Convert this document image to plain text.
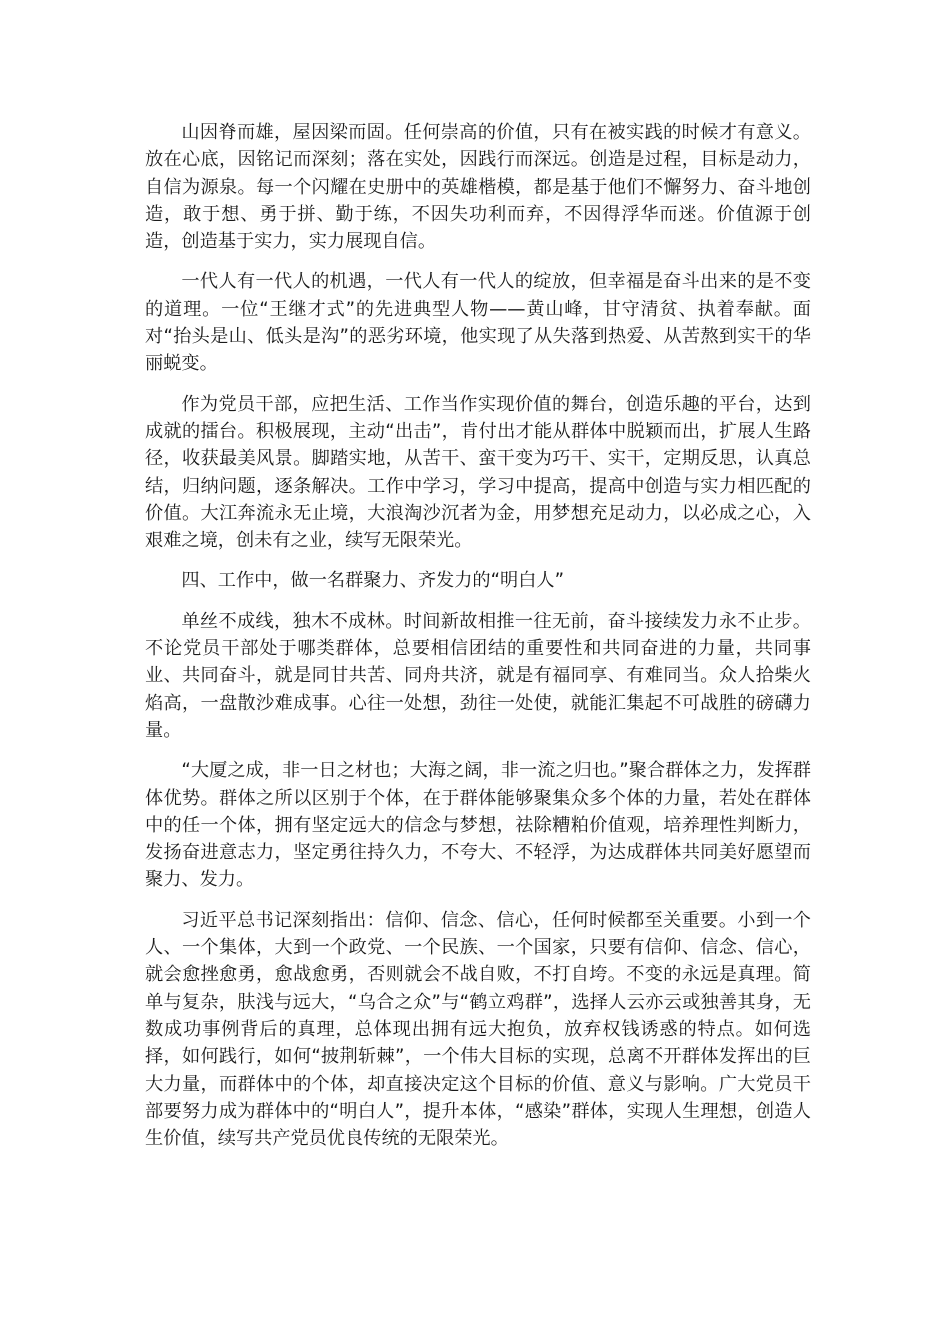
山因脊而雄，屋因梁而固。任何崇高的价值，只有在被实践的时候才有意义。放在心底，因铭记而深刻；落在实处，因践行而深远。创造是过程，目标是动力，自信为源泉。每一个闪耀在史册中的英雄楷模，都是基于他们不懈努力、奋斗地创造，敢于想、勇于拼、勤于练，不因失功利而弃，不因得浮华而迷。价值源于创造，创造基于实力，实力展现自信。

一代人有一代人的机遇，一代人有一代人的绽放，但幸福是奋斗出来的是不变的道理。一位“王继才式”的先进典型人物——黄山峰，甘守清贫、执着奉献。面对“抬头是山、低头是沟”的恶劣环境，他实现了从失落到热爱、从苦熬到实干的华丽蜕变。

作为党员干部，应把生活、工作当作实现价值的舞台，创造乐趣的平台，达到成就的擂台。积极展现，主动“出击”，肯付出才能从群体中脱颖而出，扩展人生路径，收获最美风景。脚踏实地，从苦干、蛮干变为巧干、实干，定期反思，认真总结，归纳问题，逐条解决。工作中学习，学习中提高，提高中创造与实力相匹配的价值。大江奔流永无止境，大浪淘沙沉者为金，用梦想充足动力，以必成之心，入艰难之境，创未有之业，续写无限荣光。

四、工作中，做一名群聚力、齐发力的“明白人”

单丝不成线，独木不成林。时间新故相推一往无前，奋斗接续发力永不止步。不论党员干部处于哪类群体，总要相信团结的重要性和共同奋进的力量，共同事业、共同奋斗，就是同甘共苦、同舟共济，就是有福同享、有难同当。众人拾柴火焰高，一盘散沙难成事。心往一处想，劲往一处使，就能汇集起不可战胜的磅礴力量。

“大厦之成，非一日之材也；大海之阔，非一流之归也。”聚合群体之力，发挥群体优势。群体之所以区别于个体，在于群体能够聚集众多个体的力量，若处在群体中的任一个体，拥有坚定远大的信念与梦想，祛除糟粕价值观，培养理性判断力，发扬奋进意志力，坚定勇往持久力，不夸大、不轻浮，为达成群体共同美好愿望而聚力、发力。

习近平总书记深刻指出：信仰、信念、信心，任何时候都至关重要。小到一个人、一个集体，大到一个政党、一个民族、一个国家，只要有信仰、信念、信心，就会愈挫愈勇，愈战愈勇，否则就会不战自败，不打自垮。不变的永远是真理。简单与复杂，肤浅与远大，“乌合之众”与“鹤立鸡群”，选择人云亦云或独善其身，无数成功事例背后的真理，总体现出拥有远大抱负，放弃权钱诱惑的特点。如何选择，如何践行，如何“披荆斩棘”，一个伟大目标的实现，总离不开群体发挥出的巨大力量，而群体中的个体，却直接决定这个目标的价值、意义与影响。广大党员干部要努力成为群体中的“明白人”，提升本体，“感染”群体，实现人生理想，创造人生价值，续写共产党员优良传统的无限荣光。
